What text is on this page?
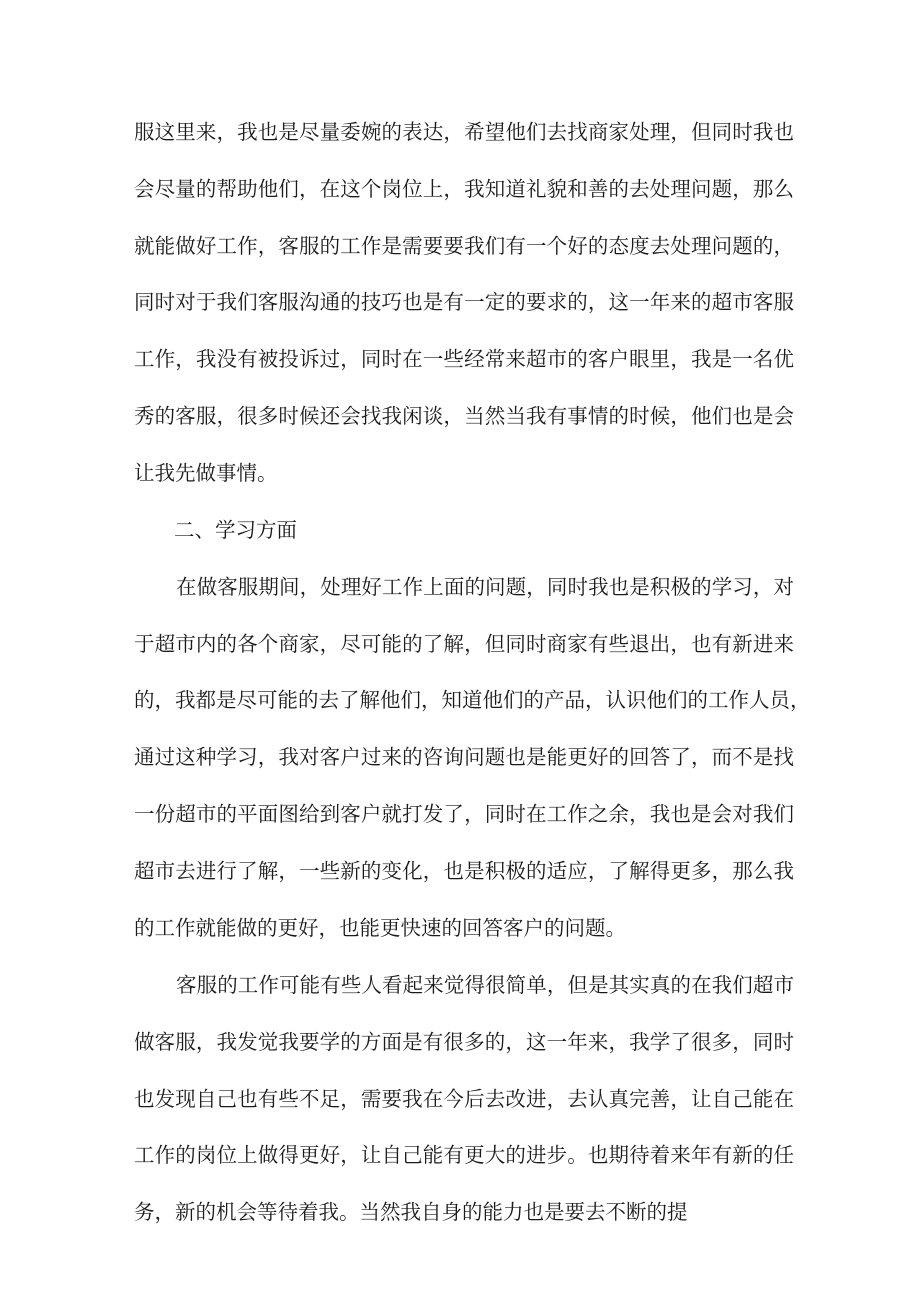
服这里来，我也是尽量委婉的表达，希望他们去找商家处理，但同时我也
会尽量的帮助他们，在这个岗位上，我知道礼貌和善的去处理问题，那么
就能做好工作，客服的工作是需要要我们有一个好的态度去处理问题的，
同时对于我们客服沟通的技巧也是有一定的要求的，这一年来的超市客服
工作，我没有被投诉过，同时在一些经常来超市的客户眼里，我是一名优
秀的客服，很多时候还会找我闲谈，当然当我有事情的时候，他们也是会
让我先做事情。
二、学习方面
在做客服期间，处理好工作上面的问题，同时我也是积极的学习，对
于超市内的各个商家，尽可能的了解，但同时商家有些退出，也有新进来
的，我都是尽可能的去了解他们，知道他们的产品，认识他们的工作人员，
通过这种学习，我对客户过来的咨询问题也是能更好的回答了，而不是找
一份超市的平面图给到客户就打发了，同时在工作之余，我也是会对我们
超市去进行了解，一些新的变化，也是积极的适应，了解得更多，那么我
的工作就能做的更好，也能更快速的回答客户的问题。
客服的工作可能有些人看起来觉得很简单，但是其实真的在我们超市
做客服，我发觉我要学的方面是有很多的，这一年来，我学了很多，同时
也发现自己也有些不足，需要我在今后去改进，去认真完善，让自己能在
工作的岗位上做得更好，让自己能有更大的进步。也期待着来年有新的任
务，新的机会等待着我。当然我自身的能力也是要去不断的提
